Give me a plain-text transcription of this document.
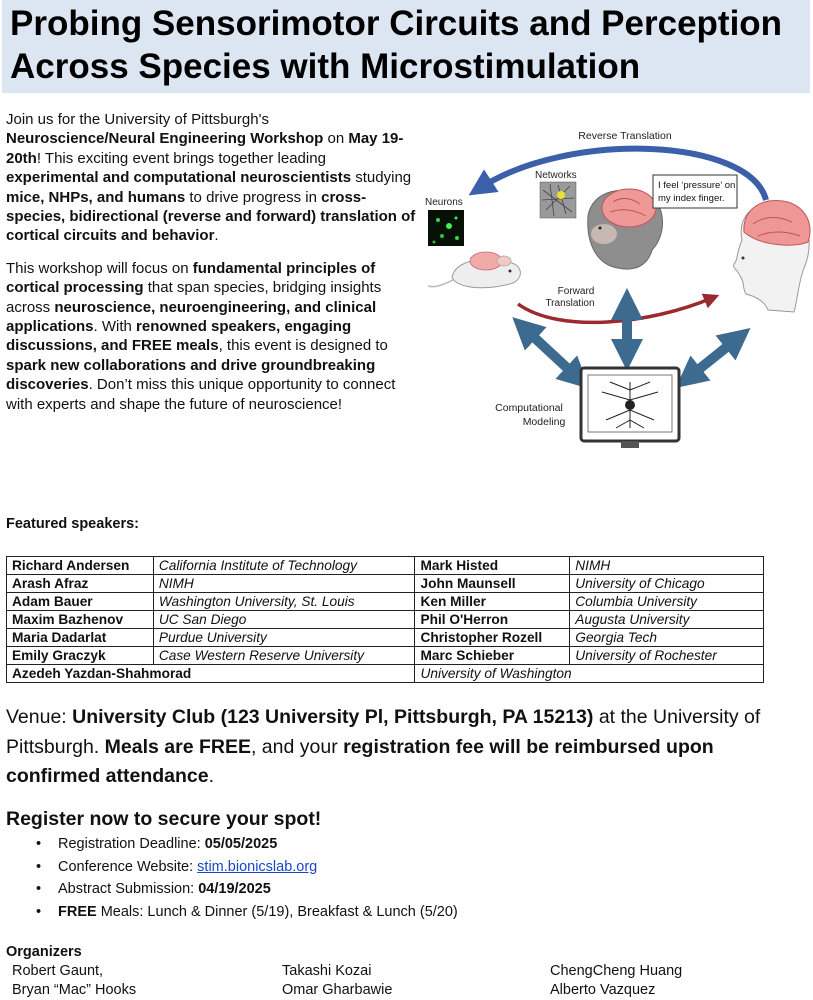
Probing Sensorimotor Circuits and Perception
Across Species with Microstimulation

Join us for the University of Pittsburgh's Neuroscience/Neural Engineering Workshop on May 19-20th! This exciting event brings together leading experimental and computational neuroscientists studying mice, NHPs, and humans to drive progress in cross-species, bidirectional (reverse and forward) translation of cortical circuits and behavior.

This workshop will focus on fundamental principles of cortical processing that span species, bridging insights across neuroscience, neuroengineering, and clinical applications. With renowned speakers, engaging discussions, and FREE meals, this event is designed to spark new collaborations and drive groundbreaking discoveries. Don’t miss this unique opportunity to connect with experts and shape the future of neuroscience!

Reverse Translation
Networks
Neurons
I feel ‘pressure’ on
my index finger.
Forward
Translation
Computational
Modeling
Featured speakers:
Richard Andersen	California Institute of Technology	Mark Histed	NIMH
Arash Afraz	NIMH	John Maunsell	University of Chicago
Adam Bauer	Washington University, St. Louis	Ken Miller	Columbia University
Maxim Bazhenov	UC San Diego	Phil O'Herron	Augusta University
Maria Dadarlat	Purdue University	Christopher Rozell	Georgia Tech
Emily Graczyk	Case Western Reserve University	Marc Schieber	University of Rochester
Azedeh Yazdan-Shahmorad		University of Washington	
Venue: University Club (123 University Pl, Pittsburgh, PA 15213) at the University of Pittsburgh. Meals are FREE, and your registration fee will be reimbursed upon confirmed attendance.
Register now to secure your spot!
• Registration Deadline: 05/05/2025
• Conference Website: stim.bionicslab.org
• Abstract Submission: 04/19/2025
• FREE Meals: Lunch & Dinner (5/19), Breakfast & Lunch (5/20)
Organizers
Robert Gaunt,
Bryan “Mac” Hooks
Takashi Kozai
Omar Gharbawie
ChengCheng Huang
Alberto Vazquez
